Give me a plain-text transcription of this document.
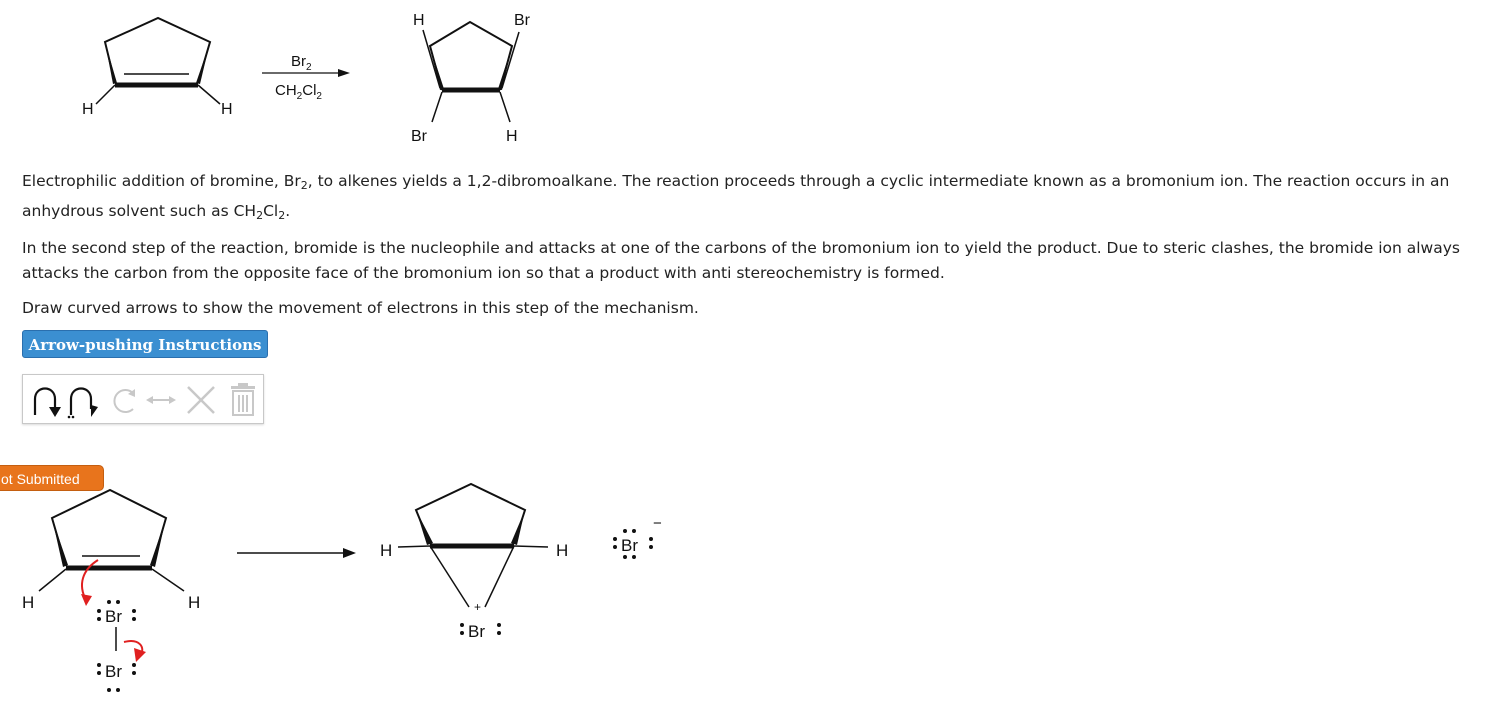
H	H
$Br_2$
$CH_2Cl_2$
H	Br
Br	H
H	H
Br
Br
H	H
+
Br
Br
−

Electrophilic addition of bromine, $Br_2$, to alkenes yields a 1,2-dibromoalkane. The reaction proceeds through a cyclic intermediate known as a bromonium ion. The reaction occurs in an anhydrous solvent such as $CH_2Cl_2$.

In the second step of the reaction, bromide is the nucleophile and attacks at one of the carbons of the bromonium ion to yield the product. Due to steric clashes, the bromide ion always attacks the carbon from the opposite face of the bromonium ion so that a product with anti stereochemistry is formed.

Draw curved arrows to show the movement of electrons in this step of the mechanism.

Arrow-pushing Instructions
ot Submitted
